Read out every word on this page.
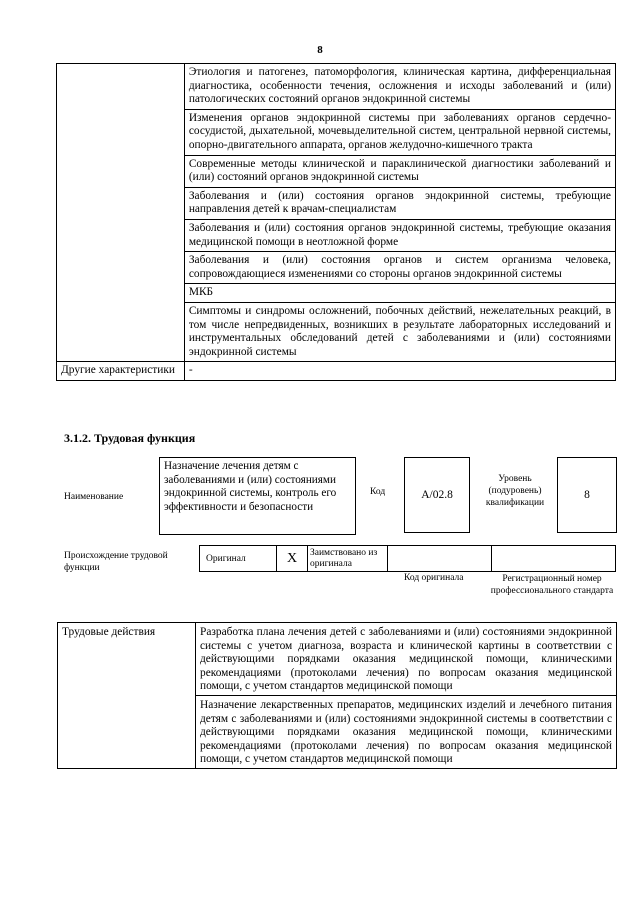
8
	Этиология и патогенез, патоморфология, клиническая картина, дифференциальная диагностика, особенности течения, осложнения и исходы заболеваний и (или) патологических состояний органов эндокринной системы
	Изменения органов эндокринной системы при заболеваниях органов сердечно-сосудистой, дыхательной, мочевыделительной систем, центральной нервной системы, опорно-двигательного аппарата, органов желудочно-кишечного тракта
	Современные методы клинической и параклинической диагностики заболеваний и (или) состояний органов эндокринной системы
	Заболевания и (или) состояния органов эндокринной системы, требующие направления детей к врачам-специалистам
	Заболевания и (или) состояния органов эндокринной системы, требующие оказания медицинской помощи в неотложной форме
	Заболевания и (или) состояния органов и систем организма человека, сопровождающиеся изменениями со стороны органов эндокринной системы
	МКБ
	Симптомы и синдромы осложнений, побочных действий, нежелательных реакций, в том числе непредвиденных, возникших в результате лабораторных исследований и инструментальных обследований детей с заболеваниями и (или) состояниями эндокринной системы
Другие характеристики	-
3.1.2. Трудовая функция
Наименование
Назначение лечения детям с заболеваниями и (или) состояниями эндокринной системы, контроль его эффективности и безопасности
Код	А/02.8
Уровень (подуровень) квалификации
8
Происхождение трудовой функции
Оригинал	X	Заимствовано из оригинала		
Код оригинала	Регистрационный номер профессионального стандарта
Трудовые действия	Разработка плана лечения детей с заболеваниями и (или) состояниями эндокринной системы с учетом диагноза, возраста и клинической картины в соответствии с действующими порядками оказания медицинской помощи, клиническими рекомендациями (протоколами лечения) по вопросам оказания медицинской помощи, с учетом стандартов медицинской помощи
Назначение лекарственных препаратов, медицинских изделий и лечебного питания детям с заболеваниями и (или) состояниями эндокринной системы в соответствии с действующими порядками оказания медицинской помощи, клиническими рекомендациями (протоколами лечения) по вопросам оказания медицинской помощи, с учетом стандартов медицинской помощи
